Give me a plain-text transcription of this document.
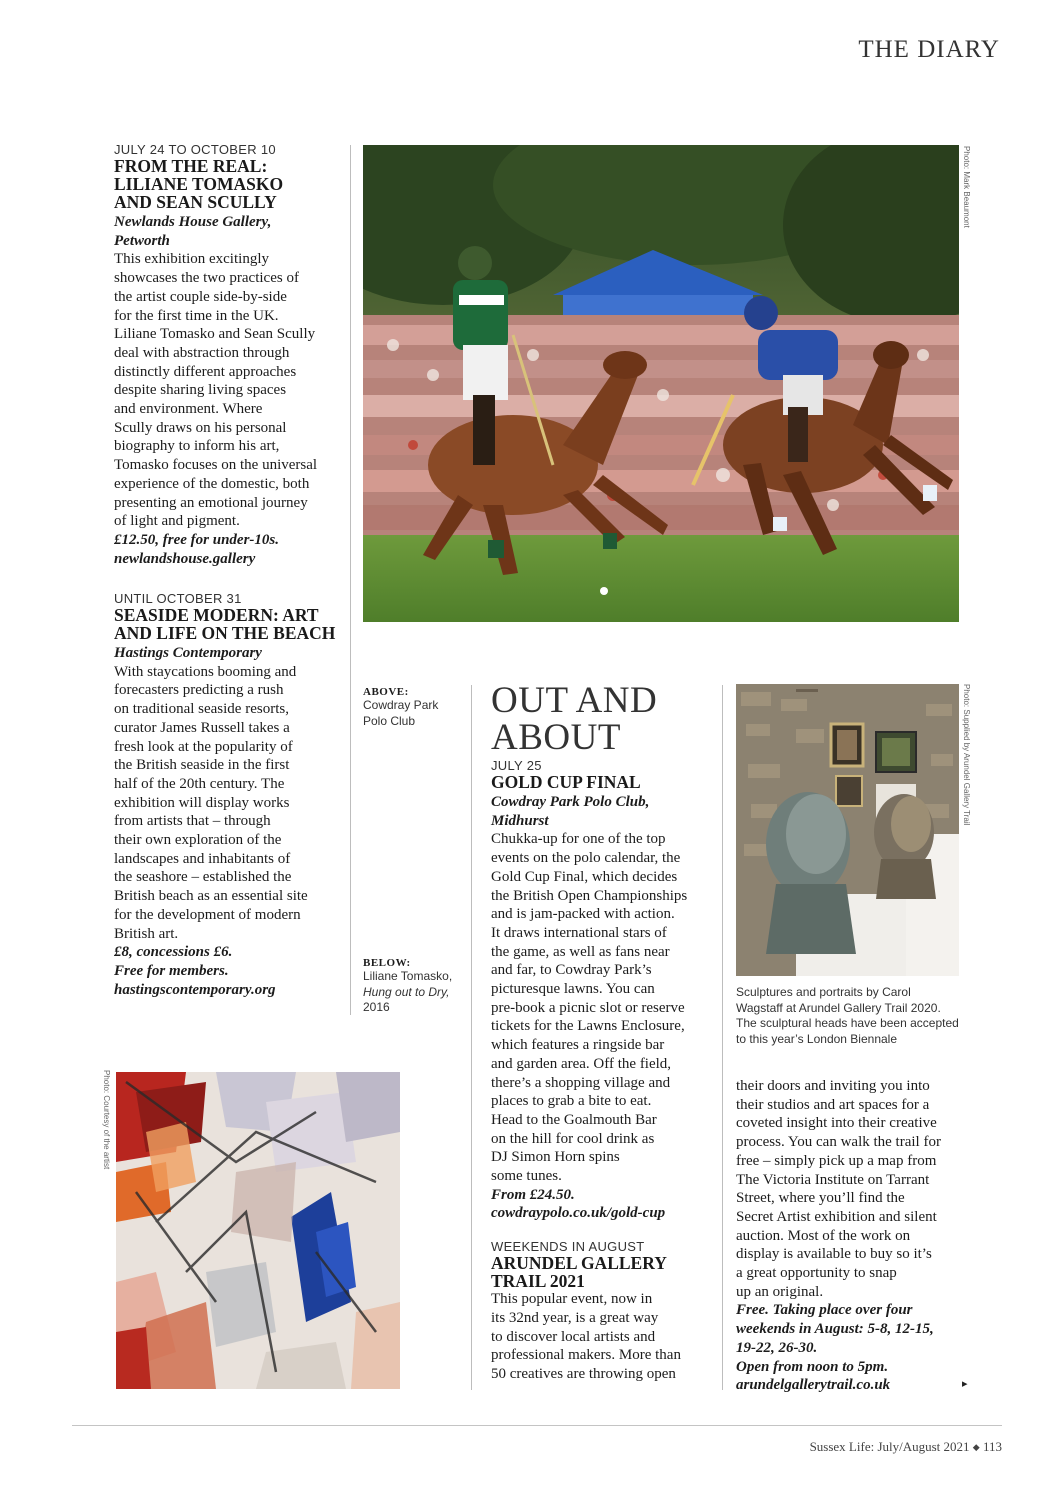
THE DIARY
JULY 24 TO OCTOBER 10
FROM THE REAL:
LILIANE TOMASKO
AND SEAN SCULLY
Newlands House Gallery,
Petworth
This exhibition excitingly
showcases the two practices of
the artist couple side-by-side
for the first time in the UK.
Liliane Tomasko and Sean Scully
deal with abstraction through
distinctly different approaches
despite sharing living spaces
and environment. Where
Scully draws on his personal
biography to inform his art,
Tomasko focuses on the universal
experience of the domestic, both
presenting an emotional journey
of light and pigment.
£12.50, free for under-10s.
newlandshouse.gallery
UNTIL OCTOBER 31
SEASIDE MODERN: ART
AND LIFE ON THE BEACH
Hastings Contemporary
With staycations booming and
forecasters predicting a rush
on traditional seaside resorts,
curator James Russell takes a
fresh look at the popularity of
the British seaside in the first
half of the 20th century. The
exhibition will display works
from artists that – through
their own exploration of the
landscapes and inhabitants of
the seashore – established the
British beach as an essential site
for the development of modern
British art.
£8, concessions £6.
Free for members.
hastingscontemporary.org
Photo: Mark Beaumont
ABOVE:
Cowdray Park
Polo Club
BELOW:
Liliane Tomasko,
Hung out to Dry,
2016
OUT AND
ABOUT
JULY 25
GOLD CUP FINAL
Cowdray Park Polo Club,
Midhurst
Chukka-up for one of the top
events on the polo calendar, the
Gold Cup Final, which decides
the British Open Championships
and is jam-packed with action.
It draws international stars of
the game, as well as fans near
and far, to Cowdray Park’s
picturesque lawns. You can
pre-book a picnic slot or reserve
tickets for the Lawns Enclosure,
which features a ringside bar
and garden area. Off the field,
there’s a shopping village and
places to grab a bite to eat.
Head to the Goalmouth Bar
on the hill for cool drink as
DJ Simon Horn spins
some tunes.
From £24.50.
cowdraypolo.co.uk/gold-cup
WEEKENDS IN AUGUST
ARUNDEL GALLERY
TRAIL 2021
This popular event, now in
its 32nd year, is a great way
to discover local artists and
professional makers. More than
50 creatives are throwing open
Photo: Supplied by Arundel Gallery Trail
Sculptures and portraits by Carol
Wagstaff at Arundel Gallery Trail 2020.
The sculptural heads have been accepted
to this year’s London Biennale
their doors and inviting you into
their studios and art spaces for a
coveted insight into their creative
process. You can walk the trail for
free – simply pick up a map from
The Victoria Institute on Tarrant
Street, where you’ll find the
Secret Artist exhibition and silent
auction. Most of the work on
display is available to buy so it’s
a great opportunity to snap
up an original.
Free. Taking place over four
weekends in August: 5-8, 12-15,
19-22, 26-30.
Open from noon to 5pm.
arundelgallerytrail.co.uk	▸
Photo: Courtesy of the artist
Sussex Life: July/August 2021 ◆ 113
